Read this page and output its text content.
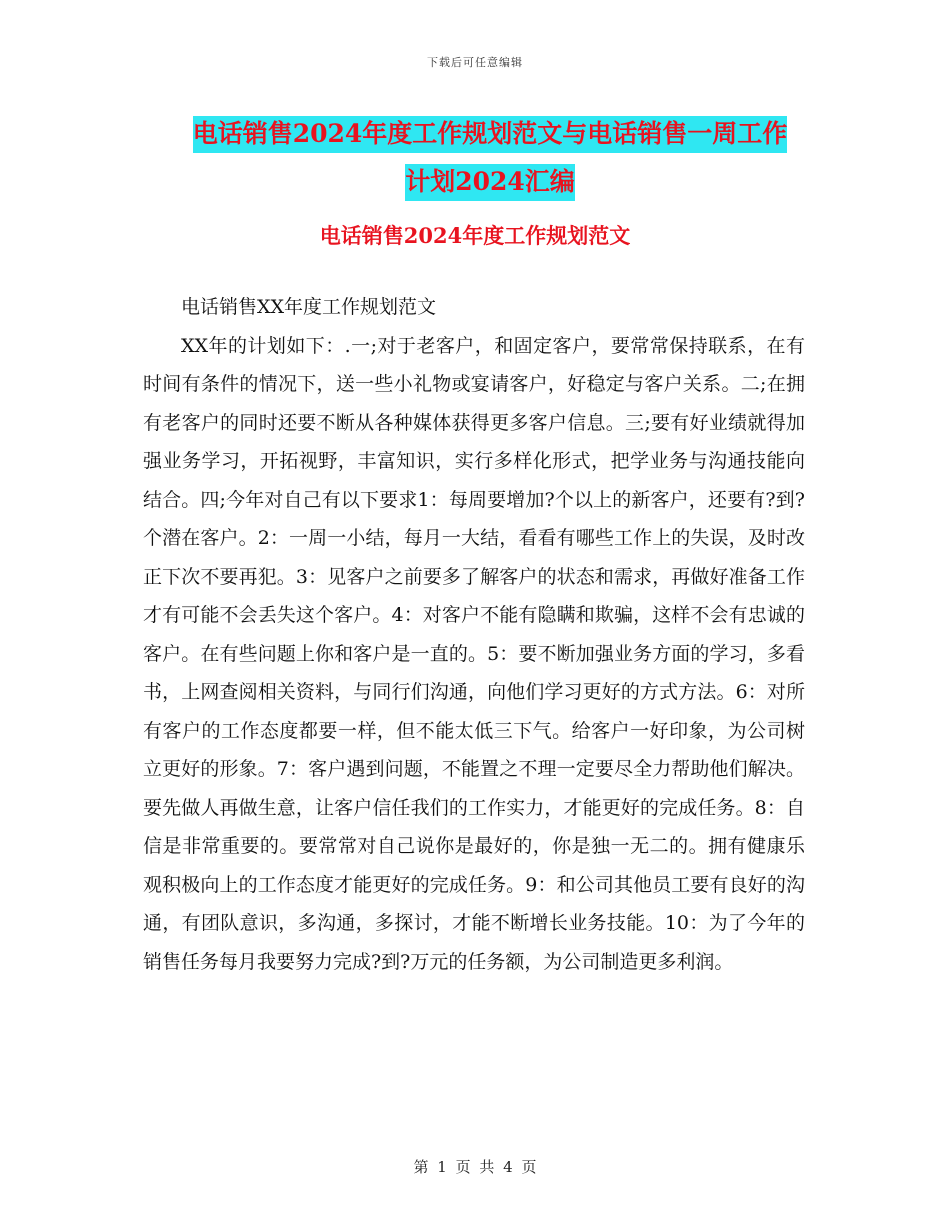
下载后可任意编辑
电话销售2024年度工作规划范文与电话销售一周工作
计划2024汇编
电话销售2024年度工作规划范文

电话销售XX年度工作规划范文

XX年的计划如下：.一;对于老客户，和固定客户，要常常保持联系，在有时间有条件的情况下，送一些小礼物或宴请客户，好稳定与客户关系。二;在拥有老客户的同时还要不断从各种媒体获得更多客户信息。三;要有好业绩就得加强业务学习，开拓视野，丰富知识，实行多样化形式，把学业务与沟通技能向结合。四;今年对自己有以下要求1：每周要增加?个以上的新客户，还要有?到?个潜在客户。2：一周一小结，每月一大结，看看有哪些工作上的失误，及时改正下次不要再犯。3：见客户之前要多了解客户的状态和需求，再做好准备工作才有可能不会丢失这个客户。4：对客户不能有隐瞒和欺骗，这样不会有忠诚的客户。在有些问题上你和客户是一直的。5：要不断加强业务方面的学习，多看书，上网查阅相关资料，与同行们沟通，向他们学习更好的方式方法。6：对所有客户的工作态度都要一样，但不能太低三下气。给客户一好印象，为公司树立更好的形象。7：客户遇到问题，不能置之不理一定要尽全力帮助他们解决。要先做人再做生意，让客户信任我们的工作实力，才能更好的完成任务。8：自信是非常重要的。要常常对自己说你是最好的，你是独一无二的。拥有健康乐观积极向上的工作态度才能更好的完成任务。9：和公司其他员工要有良好的沟通，有团队意识，多沟通，多探讨，才能不断增长业务技能。10：为了今年的销售任务每月我要努力完成?到?万元的任务额，为公司制造更多利润。

第 1 页 共 4 页
